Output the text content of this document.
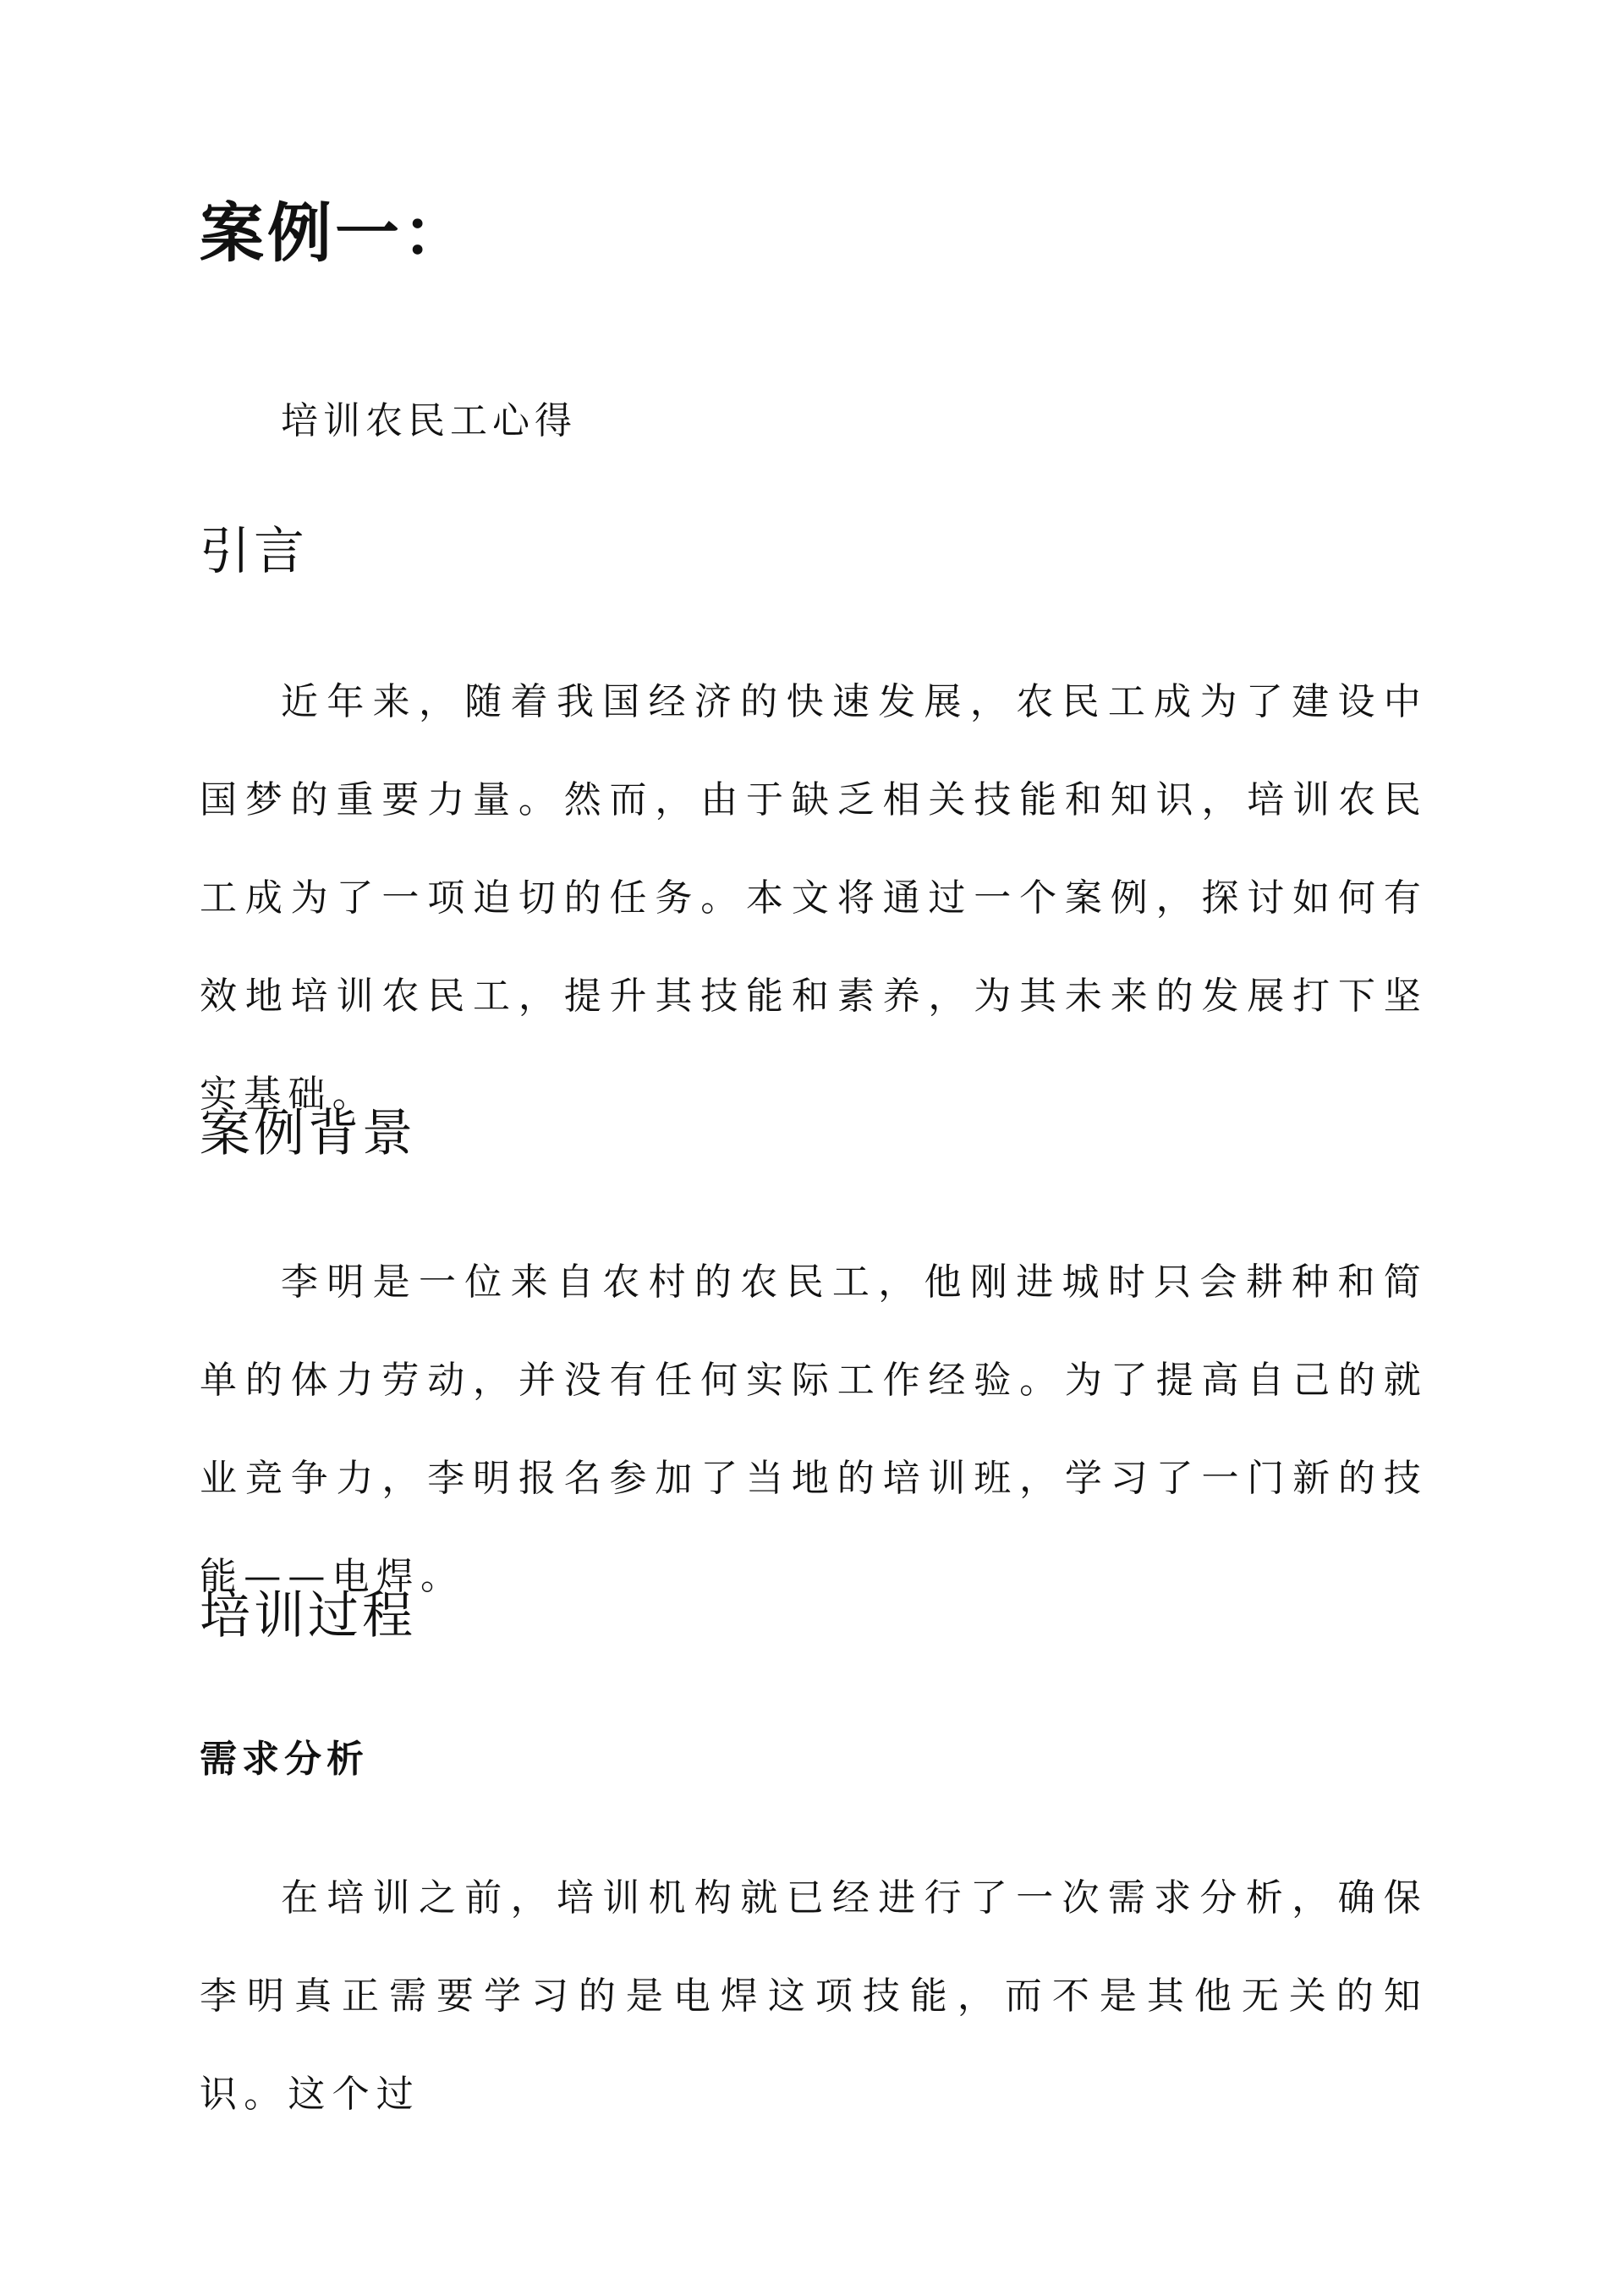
案例一：

培训农民工心得

引言

近年来，随着我国经济的快速发展，农民工成为了建设中国梦的重要力量。然而，由于缺乏相关技能和知识，培训农民工成为了一项迫切的任务。本文将通过一个案例，探讨如何有效地培训农民工，提升其技能和素养，为其未来的发展打下坚实基础。

案例背景

李明是一位来自农村的农民工，他刚进城时只会耕种和简单的体力劳动，并没有任何实际工作经验。为了提高自己的就业竞争力，李明报名参加了当地的培训班，学习了一门新的技能——电焊。

培训过程
需求分析

在培训之前，培训机构就已经进行了一次需求分析，确保李明真正需要学习的是电焊这项技能，而不是其他无关的知识。这个过
